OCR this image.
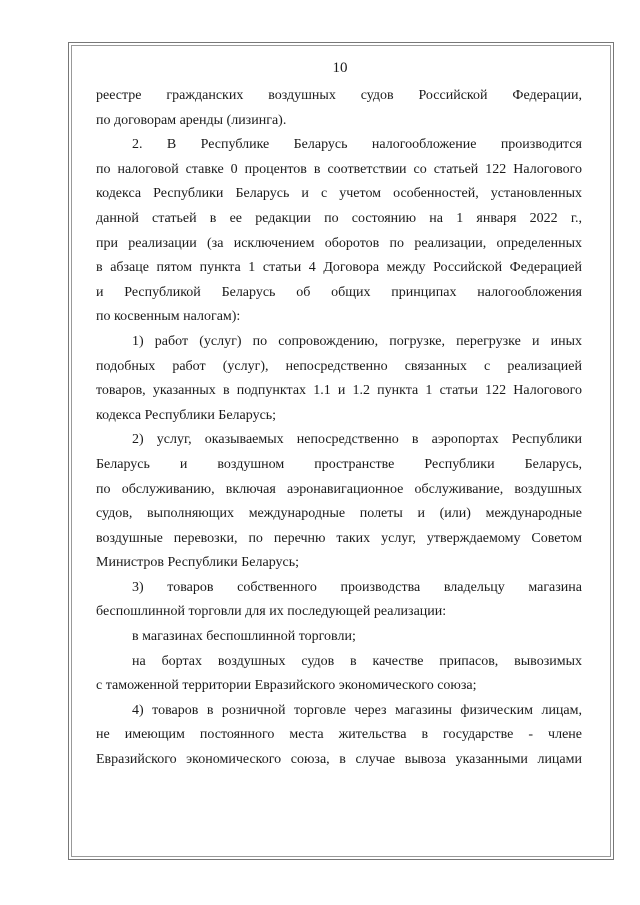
10
реестре гражданских воздушных судов Российской Федерации,
по договорам аренды (лизинга).
2. В Республике Беларусь налогообложение производится
по налоговой ставке 0 процентов в соответствии со статьей 122 Налогового
кодекса Республики Беларусь и с учетом особенностей, установленных
данной статьей в ее редакции по состоянию на 1 января 2022 г.,
при реализации (за исключением оборотов по реализации, определенных
в абзаце пятом пункта 1 статьи 4 Договора между Российской Федерацией
и Республикой Беларусь об общих принципах налогообложения
по косвенным налогам):
1) работ (услуг) по сопровождению, погрузке, перегрузке и иных
подобных работ (услуг), непосредственно связанных с реализацией
товаров, указанных в подпунктах 1.1 и 1.2 пункта 1 статьи 122 Налогового
кодекса Республики Беларусь;
2) услуг, оказываемых непосредственно в аэропортах Республики
Беларусь и воздушном пространстве Республики Беларусь,
по обслуживанию, включая аэронавигационное обслуживание, воздушных
судов, выполняющих международные полеты и (или) международные
воздушные перевозки, по перечню таких услуг, утверждаемому Советом
Министров Республики Беларусь;
3) товаров собственного производства владельцу магазина
беспошлинной торговли для их последующей реализации:
в магазинах беспошлинной торговли;
на бортах воздушных судов в качестве припасов, вывозимых
с таможенной территории Евразийского экономического союза;
4) товаров в розничной торговле через магазины физическим лицам,
не имеющим постоянного места жительства в государстве - члене
Евразийского экономического союза, в случае вывоза указанными лицами
